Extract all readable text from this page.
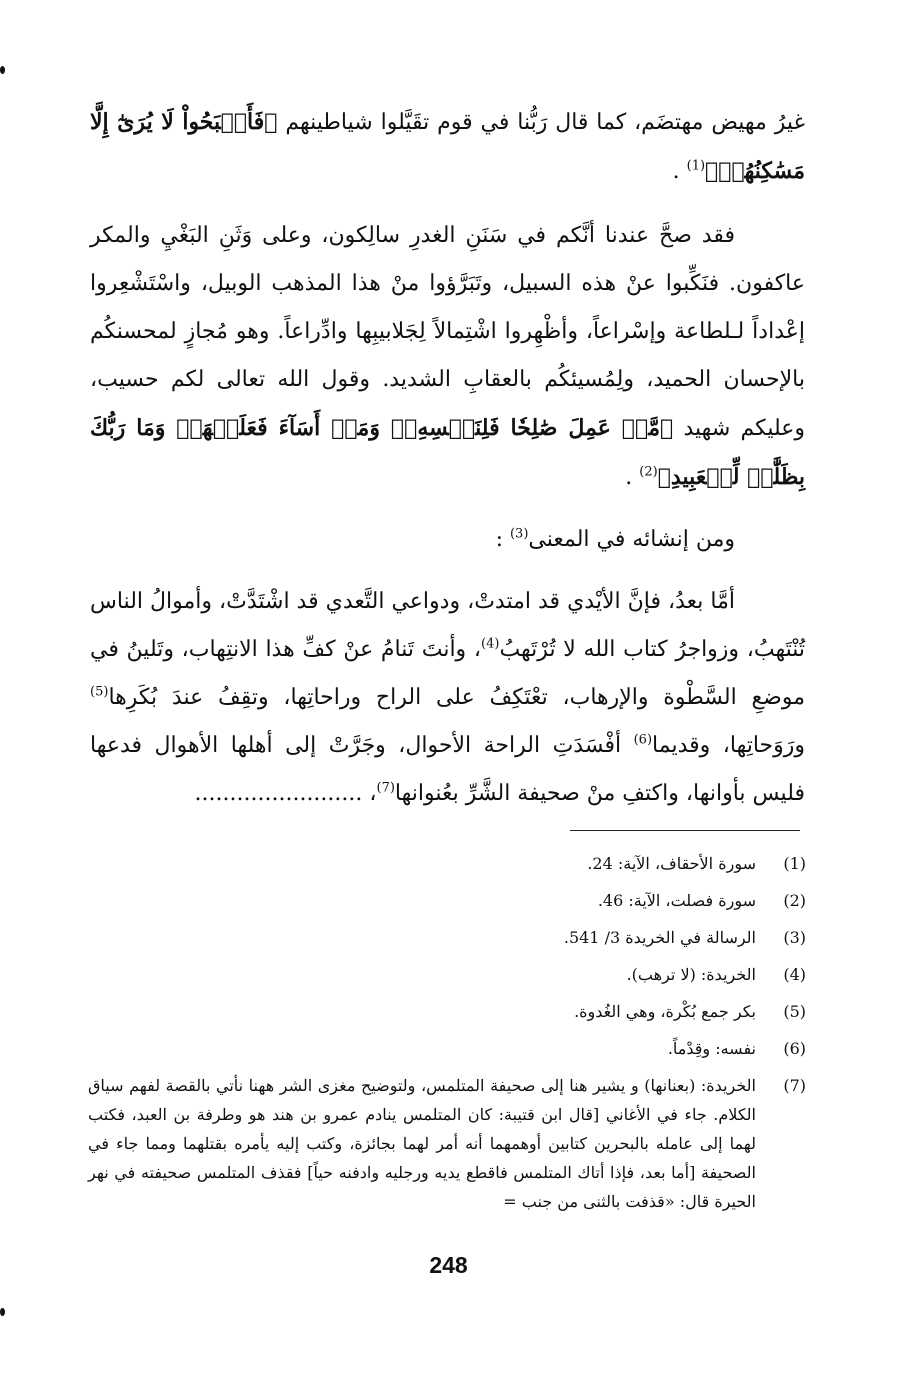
غيرُ مهيض مهتضَم، كما قال رَبُّنا في قوم تقَيَّلوا شياطينهم ﴿فَأَصۡبَحُواْ لَا يُرَىٰٓ إِلَّا مَسَٰكِنُهُمۡ﴾$^{(1)}$ .

فقد صحَّ عندنا أنَّكم في سَنَنِ الغدرِ سالِكون، وعلى وَثَنِ البَغْيِ والمكر عاكفون. فنَكِّبوا عنْ هذه السبيل، وتَبَرَّؤوا منْ هذا المذهب الوبيل، واسْتَشْعِروا إعْداداً لـلطاعة وإسْراعاً، وأظْهِروا اشْتِمالاً لِجَلابيبِها وادِّراعاً. وهو مُجازٍ لمحسنكُم بالإحسان الحميد، ولِمُسيئكُم بالعقابِ الشديد. وقول الله تعالى لكم حسيب، وعليكم شهيد ﴿مَّنۡ عَمِلَ صَٰلِحٗا فَلِنَفۡسِهِۦۖ وَمَنۡ أَسَآءَ فَعَلَيۡهَاۗ وَمَا رَبُّكَ بِظَلَّٰمٖ لِّلۡعَبِيدِ﴾$^{(2)}$ .

ومن إنشائه في المعنى$^{(3)}$ :

أمَّا بعدُ، فإنَّ الأيْدي قد امتدتْ، ودواعي التَّعدي قد اشْتَدَّتْ، وأموالُ الناس تُنْتَهبُ، وزواجرُ كتاب الله لا تُرْتَهبُ$^{(4)}$، وأنتَ تَنامُ عنْ كفِّ هذا الانتِهاب، وتَلينُ في موضعِ السَّطْوة والإرهاب، تعْتَكِفُ على الراح وراحاتِها، وتقِفُ عندَ بُكَرِها$^{(5)}$ ورَوَحاتِها، وقديما$^{(6)}$ أفْسَدَتِ الراحة الأحوال، وجَرَّتْ إلى أهلها الأهوال فدعها فليس بأوانها، واكتفِ منْ صحيفة الشَّرِّ بعُنوانها$^{(7)}$، ........................

(1)
سورة الأحقاف، الآية: 24.
(2)
سورة فصلت، الآية: 46.
(3)
الرسالة في الخريدة 3/ 541.
(4)
الخريدة: (لا ترهب).
(5)
بكر جمع بُكْرة، وهي الغُدوة.
(6)
نفسه: وقِدْماً.
(7)
الخريدة: (بعنانها) و يشير هنا إلى صحيفة المتلمس، ولتوضيح مغزى الشر ههنا نأتي بالقصة لفهم سياق الكلام. جاء في الأغاني [قال ابن قتيبة: كان المتلمس ينادم عمرو بن هند هو وطرفة بن العبد، فكتب لهما إلى عامله بالبحرين كتابين أوهمهما أنه أمر لهما بجائزة، وكتب إليه يأمره بقتلهما ومما جاء في الصحيفة [أما بعد، فإذا أتاك المتلمس فاقطع يديه ورجليه وادفنه حياً] فقذف المتلمس صحيفته في نهر الحيرة قال: «قذفت بالثنى من جنب =
248
